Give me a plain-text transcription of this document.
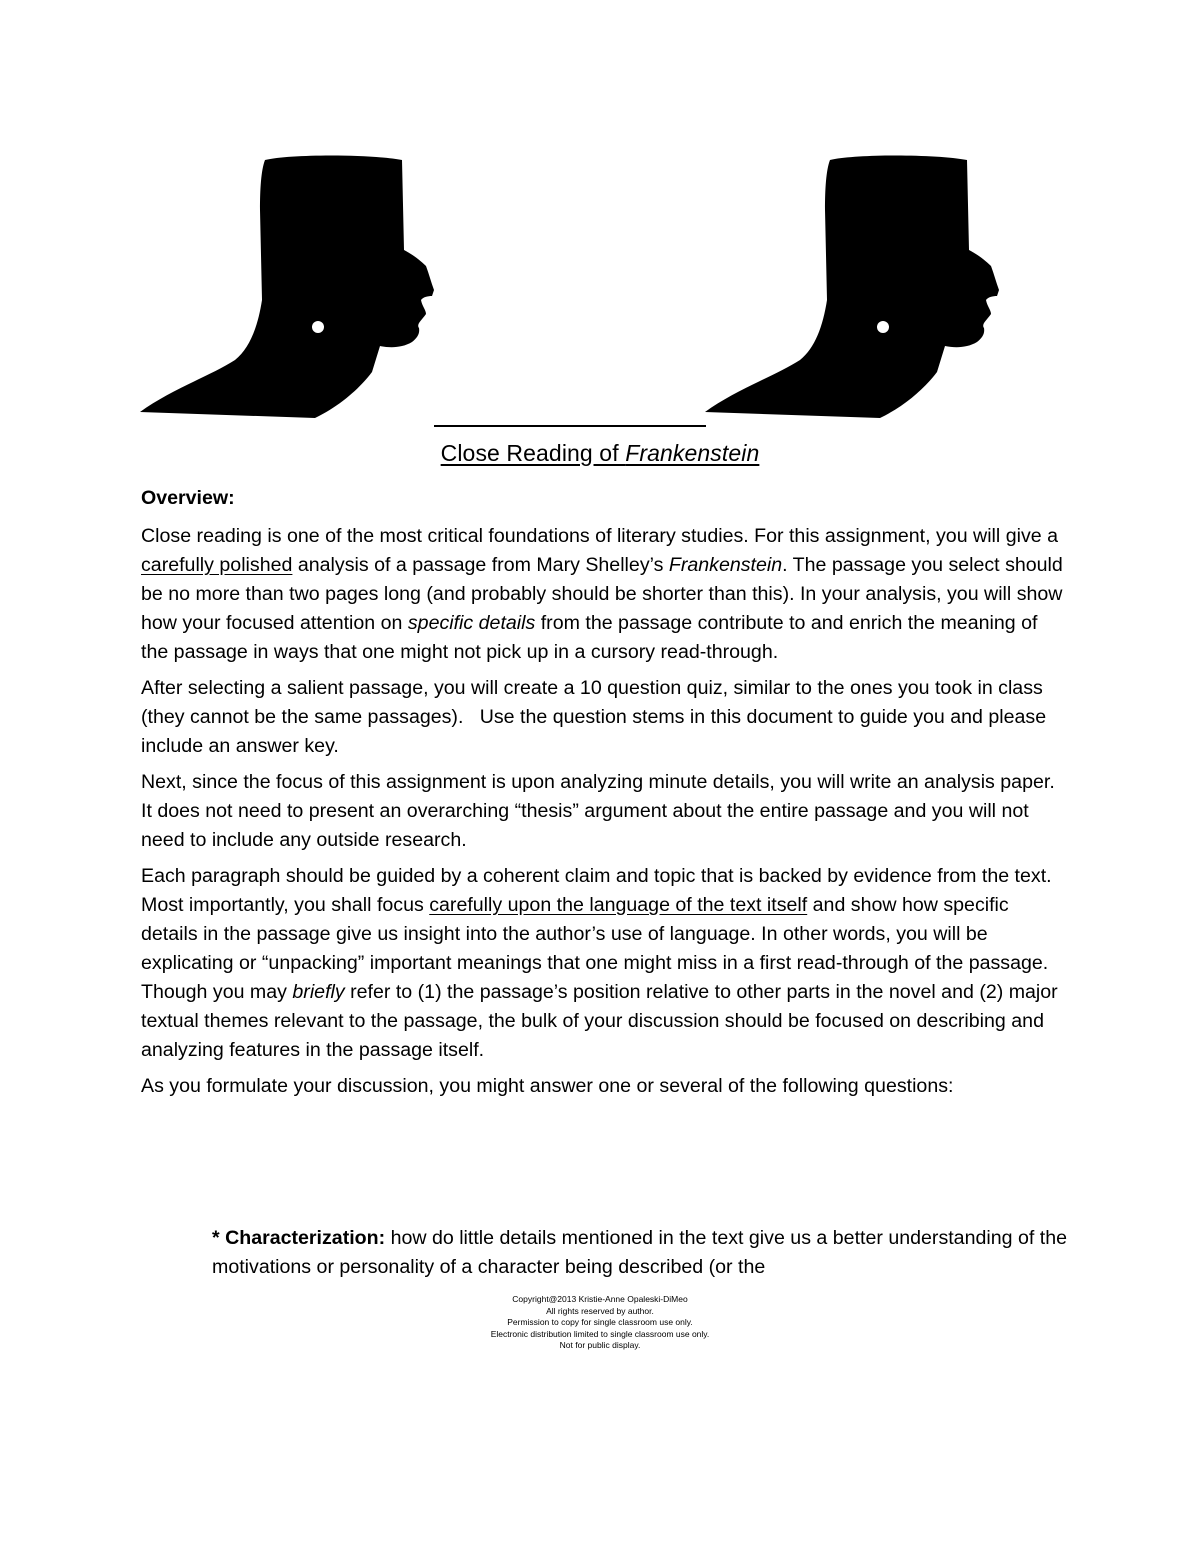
Close Reading of Frankenstein
Overview:

Close reading is one of the most critical foundations of literary studies. For this assignment, you will give a carefully polished analysis of a passage from Mary Shelley’s Frankenstein. The passage you select should be no more than two pages long (and probably should be shorter than this). In your analysis, you will show how your focused attention on specific details from the passage contribute to and enrich the meaning of the passage in ways that one might not pick up in a cursory read-through.

After selecting a salient passage, you will create a 10 question quiz, similar to the ones you took in class (they cannot be the same passages).   Use the question stems in this document to guide you and please include an answer key.

Next, since the focus of this assignment is upon analyzing minute details, you will write an analysis paper.  It does not need to present an overarching “thesis” argument about the entire passage and you will not need to include any outside research.

Each paragraph should be guided by a coherent claim and topic that is backed by evidence from the text. Most importantly, you shall focus carefully upon the language of the text itself and show how specific details in the passage give us insight into the author’s use of language. In other words, you will be explicating or “unpacking” important meanings that one might miss in a first read-through of the passage. Though you may briefly refer to (1) the passage’s position relative to other parts in the novel and (2) major textual themes relevant to the passage, the bulk of your discussion should be focused on describing and analyzing features in the passage itself.

As you formulate your discussion, you might answer one or several of the following questions:

* Characterization: how do little details mentioned in the text give us a better understanding of the motivations or personality of a character being described (or the
Copyright@2013 Kristie-Anne Opaleski-DiMeo
All rights reserved by author.
Permission to copy for single classroom use only.
Electronic distribution limited to single classroom use only.
Not for public display.
